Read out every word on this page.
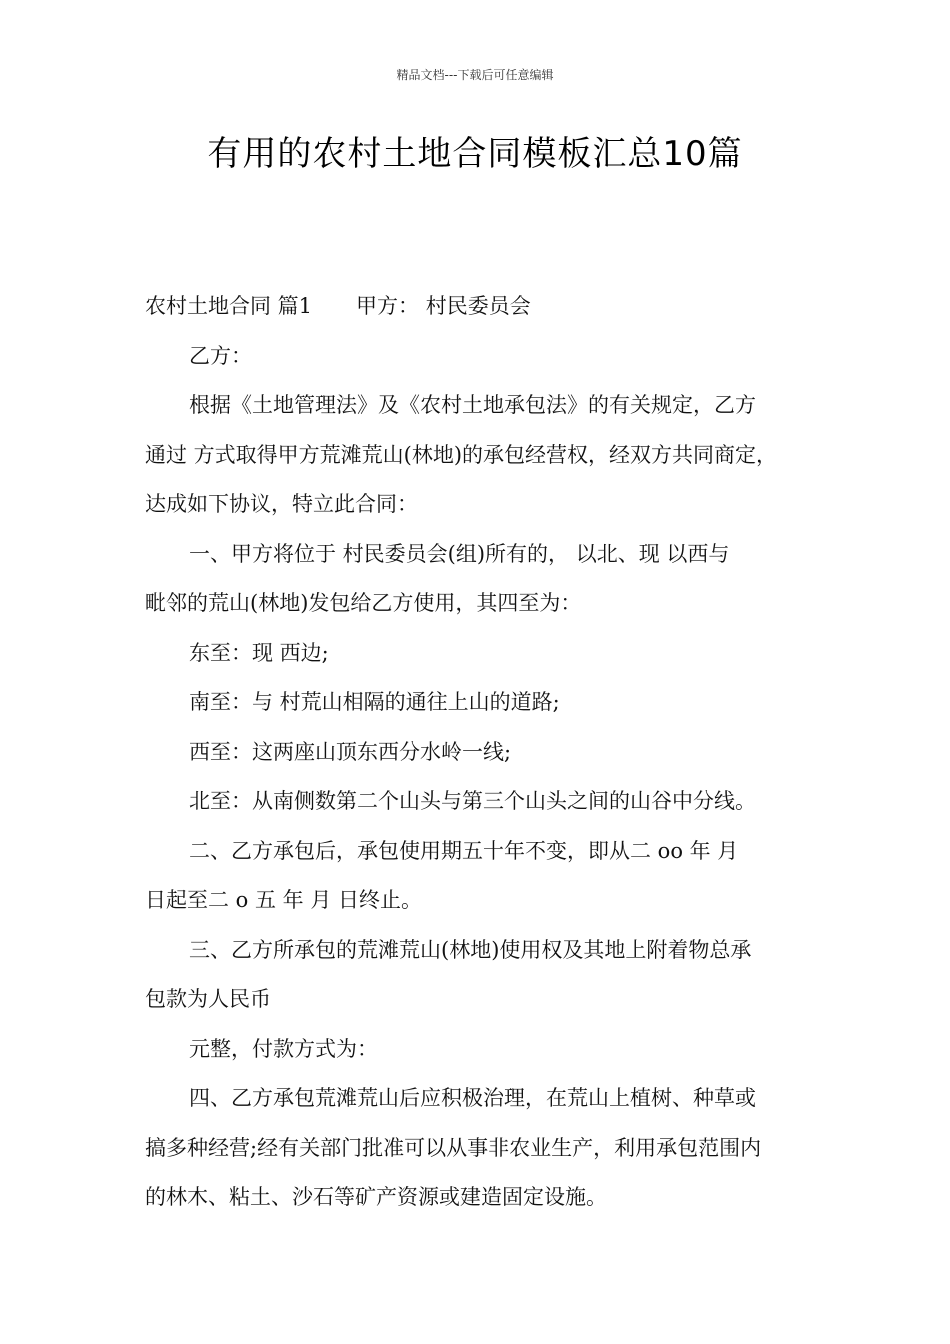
精品文档---下载后可任意编辑
有用的农村土地合同模板汇总10篇
农村土地合同 篇1 甲方： 村民委员会
乙方：
根据《土地管理法》及《农村土地承包法》的有关规定，乙方
通过 方式取得甲方荒滩荒山(林地)的承包经营权，经双方共同商定，
达成如下协议，特立此合同：
一、甲方将位于 村民委员会(组)所有的， 以北、现 以西与
毗邻的荒山(林地)发包给乙方使用，其四至为：
东至：现 西边;
南至：与 村荒山相隔的通往上山的道路;
西至：这两座山顶东西分水岭一线;
北至：从南侧数第二个山头与第三个山头之间的山谷中分线。
二、乙方承包后，承包使用期五十年不变，即从二 oo 年 月
日起至二 o 五 年 月 日终止。
三、乙方所承包的荒滩荒山(林地)使用权及其地上附着物总承
包款为人民币
元整，付款方式为：
四、乙方承包荒滩荒山后应积极治理，在荒山上植树、种草或
搞多种经营;经有关部门批准可以从事非农业生产，利用承包范围内
的林木、粘土、沙石等矿产资源或建造固定设施。
